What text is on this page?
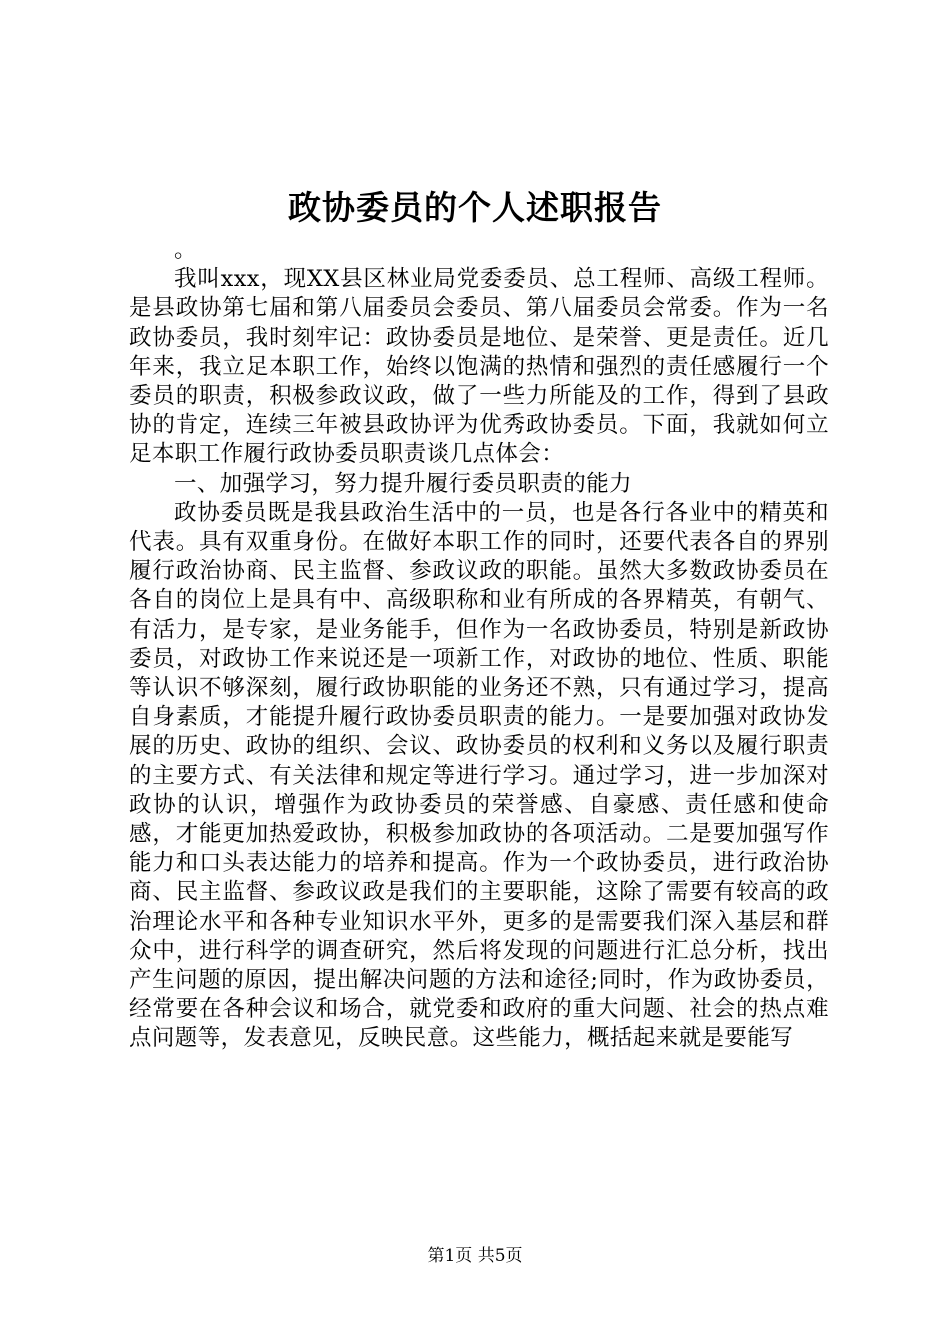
政协委员的个人述职报告

。

我叫xxx，现XX县区林业局党委委员、总工程师、高级工程师。是县政协第七届和第八届委员会委员、第八届委员会常委。作为一名政协委员，我时刻牢记：政协委员是地位、是荣誉、更是责任。近几年来，我立足本职工作，始终以饱满的热情和强烈的责任感履行一个委员的职责，积极参政议政，做了一些力所能及的工作，得到了县政协的肯定，连续三年被县政协评为优秀政协委员。下面，我就如何立足本职工作履行政协委员职责谈几点体会：

一、加强学习，努力提升履行委员职责的能力

政协委员既是我县政治生活中的一员，也是各行各业中的精英和代表。具有双重身份。在做好本职工作的同时，还要代表各自的界别履行政治协商、民主监督、参政议政的职能。虽然大多数政协委员在各自的岗位上是具有中、高级职称和业有所成的各界精英，有朝气、有活力，是专家，是业务能手，但作为一名政协委员，特别是新政协委员，对政协工作来说还是一项新工作，对政协的地位、性质、职能等认识不够深刻，履行政协职能的业务还不熟，只有通过学习，提高自身素质，才能提升履行政协委员职责的能力。一是要加强对政协发展的历史、政协的组织、会议、政协委员的权利和义务以及履行职责的主要方式、有关法律和规定等进行学习。通过学习，进一步加深对政协的认识，增强作为政协委员的荣誉感、自豪感、责任感和使命感，才能更加热爱政协，积极参加政协的各项活动。二是要加强写作能力和口头表达能力的培养和提高。作为一个政协委员，进行政治协商、民主监督、参政议政是我们的主要职能，这除了需要有较高的政治理论水平和各种专业知识水平外，更多的是需要我们深入基层和群众中，进行科学的调查研究，然后将发现的问题进行汇总分析，找出产生问题的原因，提出解决问题的方法和途径;同时，作为政协委员，经常要在各种会议和场合，就党委和政府的重大问题、社会的热点难点问题等，发表意见，反映民意。这些能力，概括起来就是要能写

第1页 共5页
